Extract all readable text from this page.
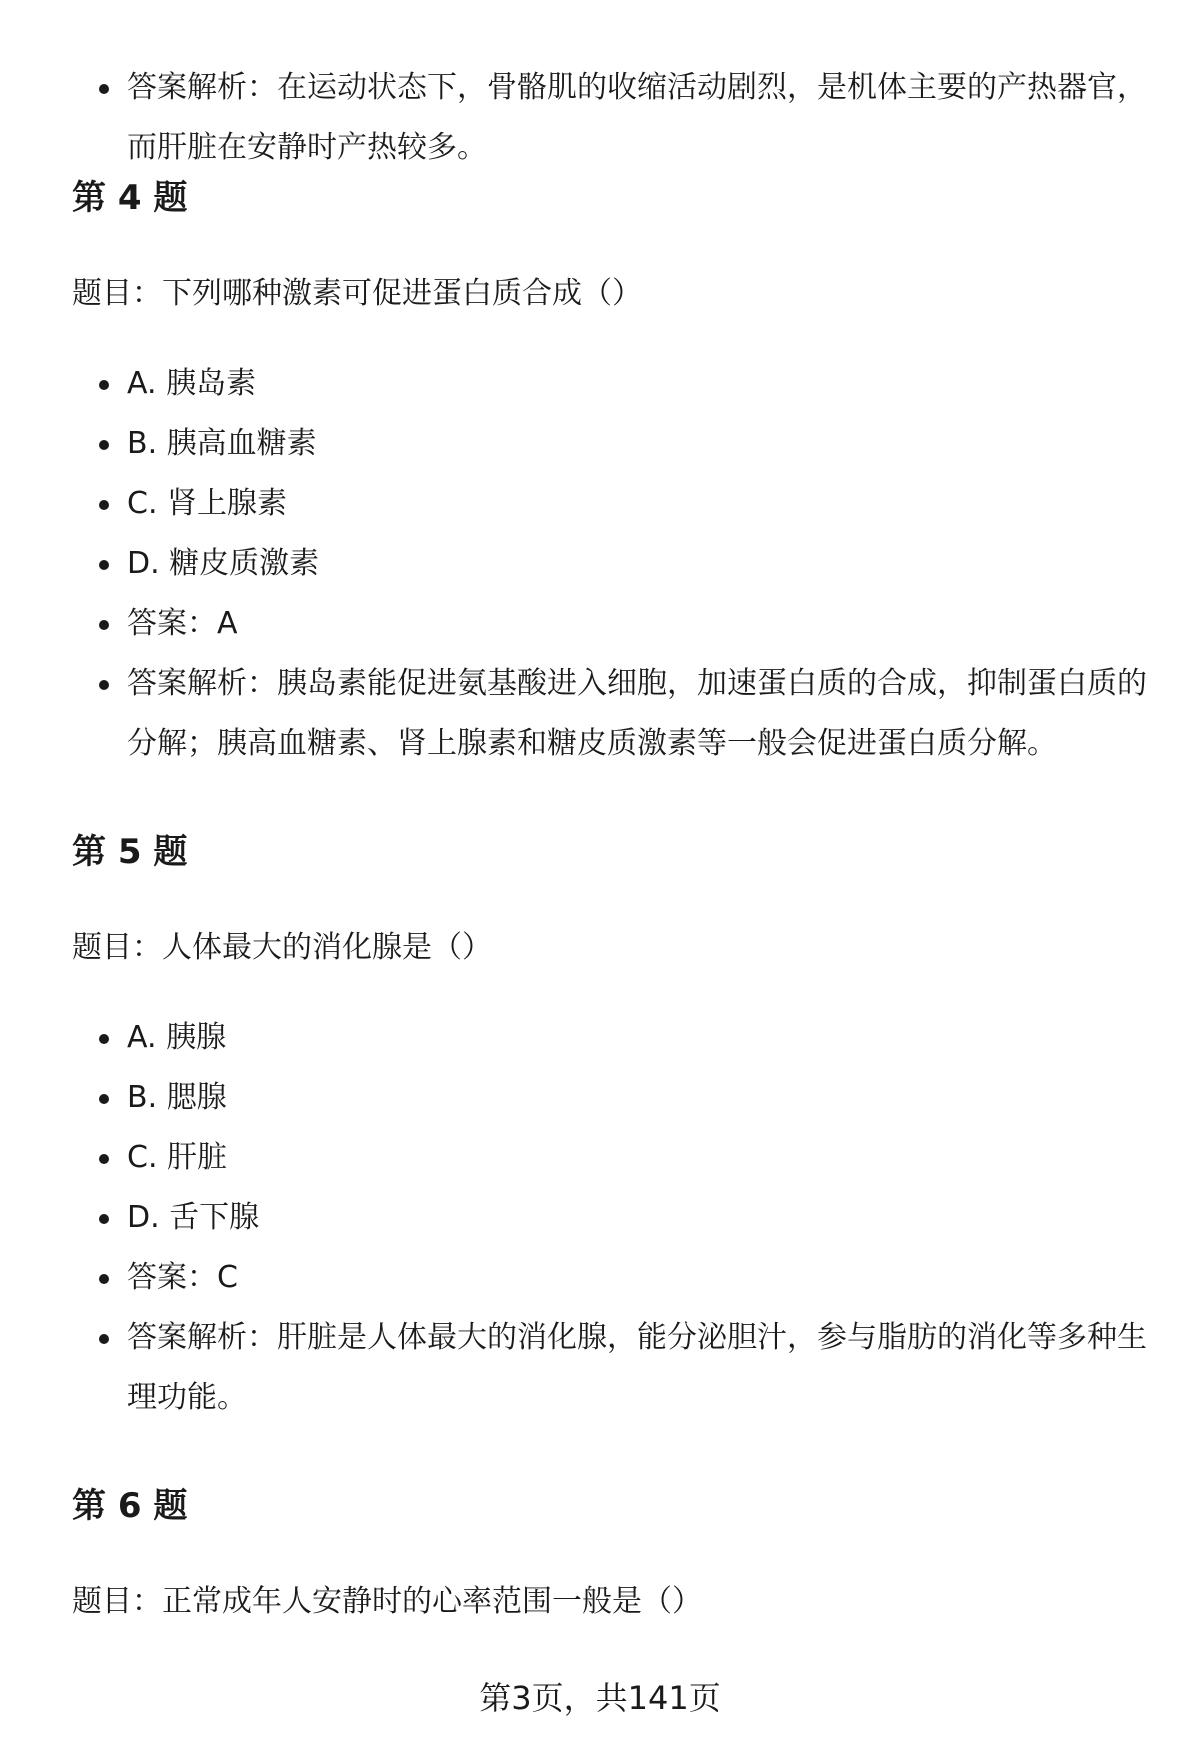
答案解析：在运动状态下，骨骼肌的收缩活动剧烈，是机体主要的产热器官，而肝脏在安静时产热较多。
第 4 题

题目：下列哪种激素可促进蛋白质合成（）

A. 胰岛素
B. 胰高血糖素
C. 肾上腺素
D. 糖皮质激素
答案：A
答案解析：胰岛素能促进氨基酸进入细胞，加速蛋白质的合成，抑制蛋白质的分解；胰高血糖素、肾上腺素和糖皮质激素等一般会促进蛋白质分解。
第 5 题

题目：人体最大的消化腺是（）

A. 胰腺
B. 腮腺
C. 肝脏
D. 舌下腺
答案：C
答案解析：肝脏是人体最大的消化腺，能分泌胆汁，参与脂肪的消化等多种生理功能。
第 6 题

题目：正常成年人安静时的心率范围一般是（）

第3页，共141页
